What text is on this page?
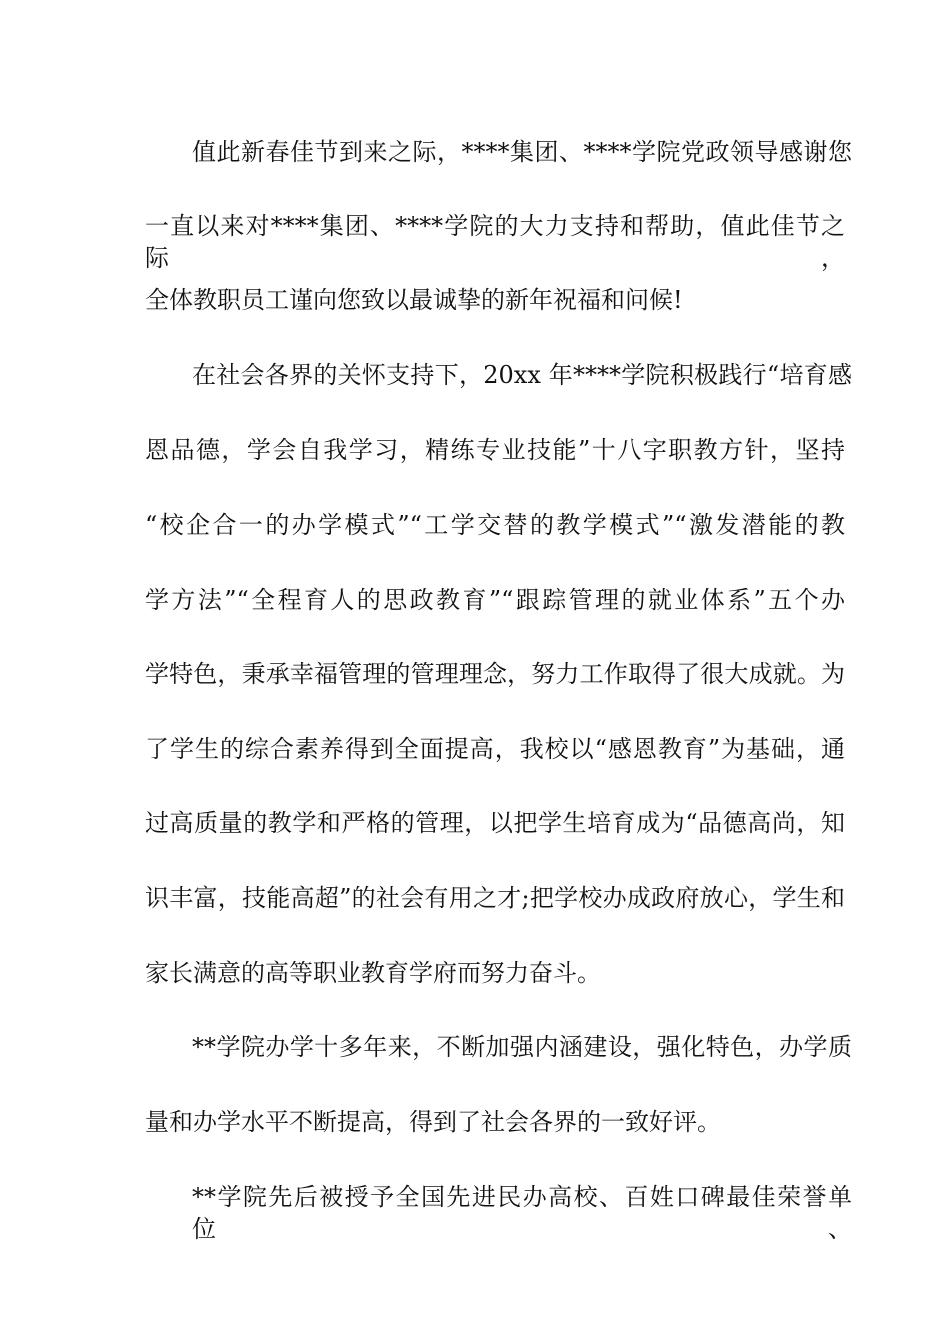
值此新春佳节到来之际，****集团、****学院党政领导感谢您
一直以来对****集团、****学院的大力支持和帮助，值此佳节之际，
全体教职员工谨向您致以最诚挚的新年祝福和问候!
在社会各界的关怀支持下，20xx 年****学院积极践行“培育感
恩品德，学会自我学习，精练专业技能”十八字职教方针，坚持
“校企合一的办学模式”“工学交替的教学模式”“激发潜能的教
学方法”“全程育人的思政教育”“跟踪管理的就业体系”五个办
学特色，秉承幸福管理的管理理念，努力工作取得了很大成就。为
了学生的综合素养得到全面提高，我校以“感恩教育”为基础，通
过高质量的教学和严格的管理，以把学生培育成为“品德高尚，知
识丰富，技能高超”的社会有用之才;把学校办成政府放心，学生和
家长满意的高等职业教育学府而努力奋斗。
**学院办学十多年来，不断加强内涵建设，强化特色，办学质
量和办学水平不断提高，得到了社会各界的一致好评。
**学院先后被授予全国先进民办高校、百姓口碑最佳荣誉单位、
